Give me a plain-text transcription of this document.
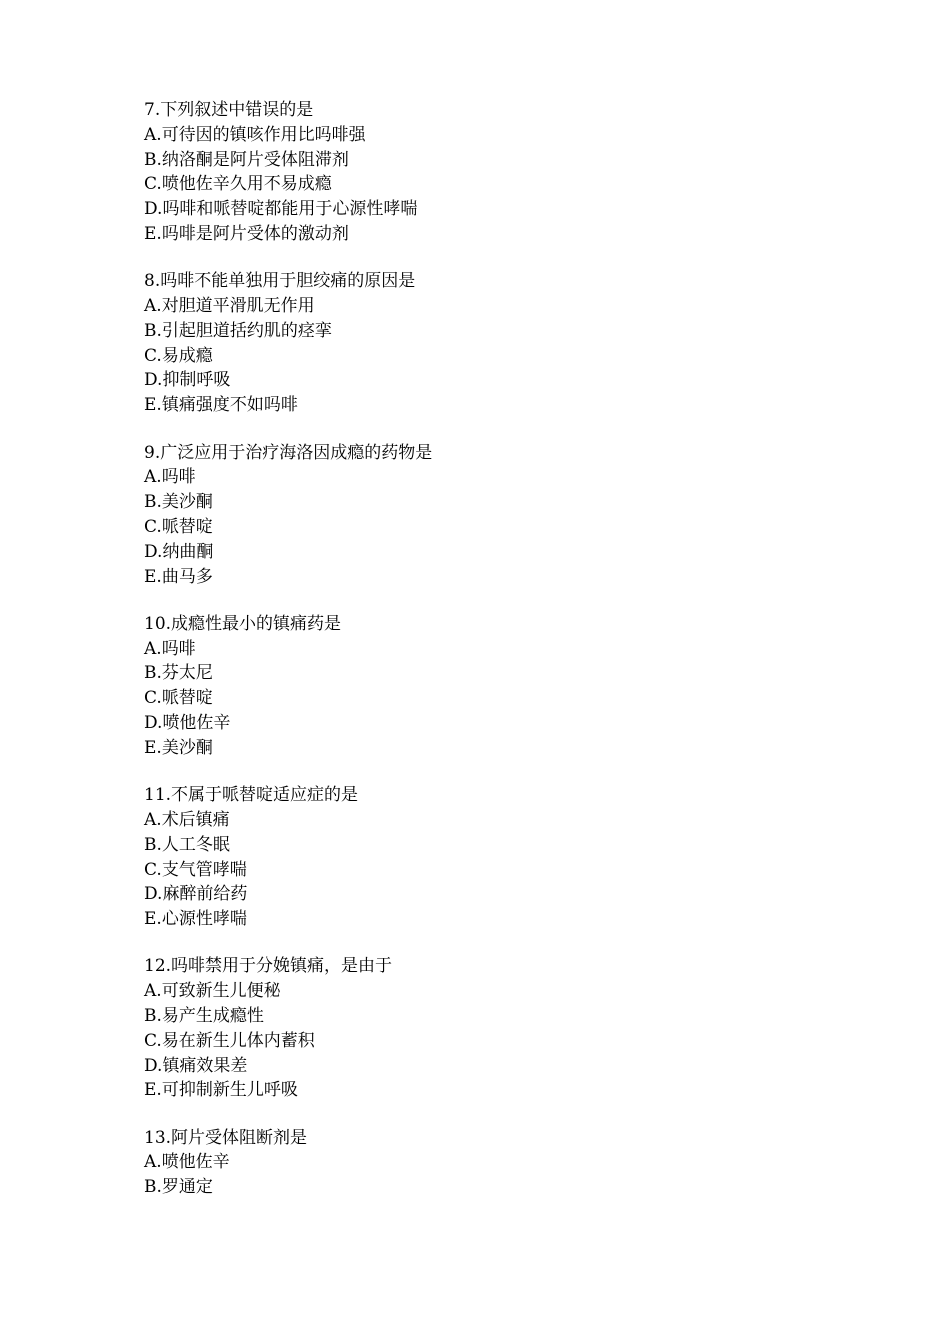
7.下列叙述中错误的是
A.可待因的镇咳作用比吗啡强
B.纳洛酮是阿片受体阻滞剂
C.喷他佐辛久用不易成瘾
D.吗啡和哌替啶都能用于心源性哮喘
E.吗啡是阿片受体的激动剂
8.吗啡不能单独用于胆绞痛的原因是
A.对胆道平滑肌无作用
B.引起胆道括约肌的痉挛
C.易成瘾
D.抑制呼吸
E.镇痛强度不如吗啡
9.广泛应用于治疗海洛因成瘾的药物是
A.吗啡
B.美沙酮
C.哌替啶
D.纳曲酮
E.曲马多
10.成瘾性最小的镇痛药是
A.吗啡
B.芬太尼
C.哌替啶
D.喷他佐辛
E.美沙酮
11.不属于哌替啶适应症的是
A.术后镇痛
B.人工冬眠
C.支气管哮喘
D.麻醉前给药
E.心源性哮喘
12.吗啡禁用于分娩镇痛，是由于
A.可致新生儿便秘
B.易产生成瘾性
C.易在新生儿体内蓄积
D.镇痛效果差
E.可抑制新生儿呼吸
13.阿片受体阻断剂是
A.喷他佐辛
B.罗通定
